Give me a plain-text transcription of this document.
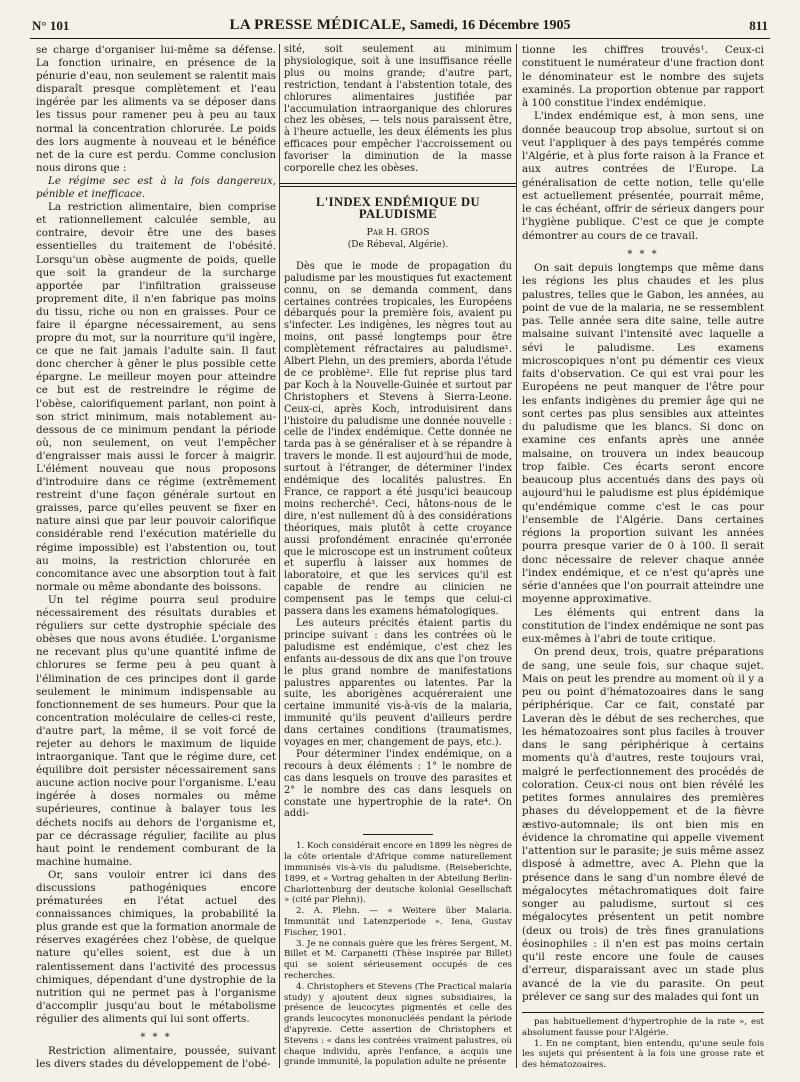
N° 101	LA PRESSE MÉDICALE, Samedi, 16 Décembre 1905	811

se charge d'organiser lui-même sa défense. La fonction urinaire, en présence de la pénurie d'eau, non seulement se ralentit mais disparaît presque complètement et l'eau ingérée par les aliments va se déposer dans les tissus pour ramener peu à peu au taux normal la concentration chlorurée. Le poids des lors augmente à nouveau et le bénéfice net de la cure est perdu. Comme conclusion nous dirons que :

Le régime sec est à la fois dangereux, pénible et inefficace.

La restriction alimentaire, bien comprise et rationnellement calculée semble, au contraire, devoir être une des bases essentielles du traitement de l'obésité. Lorsqu'un obèse augmente de poids, quelle que soit la grandeur de la surcharge apportée par l'infiltration graisseuse proprement dite, il n'en fabrique pas moins du tissu, riche ou non en graisses. Pour ce faire il épargne nécessairement, au sens propre du mot, sur la nourriture qu'il ingère, ce que ne fait jamais l'adulte sain. Il faut donc chercher à gêner le plus possible cette épargne. Le meilleur moyen pour atteindre ce but est de restreindre le régime de l'obèse, calorifiquement parlant, non point à son strict minimum, mais notablement au-dessous de ce minimum pendant la période où, non seulement, on veut l'empêcher d'engraisser mais aussi le forcer à maigrir. L'élément nouveau que nous proposons d'introduire dans ce régime (extrêmement restreint d'une façon générale surtout en graisses, parce qu'elles peuvent se fixer en nature ainsi que par leur pouvoir calorifique considérable rend l'exécution matérielle du régime impossible) est l'abstention ou, tout au moins, la restriction chlorurée en concomitance avec une absorption tout à fait normale ou même abondante des boissons.

Un tel régime pourra seul produire nécessairement des résultats durables et réguliers sur cette dystrophie spéciale des obèses que nous avons étudiée. L'organisme ne recevant plus qu'une quantité infime de chlorures se ferme peu à peu quant à l'élimination de ces principes dont il garde seulement le minimum indispensable au fonctionnement de ses humeurs. Pour que la concentration moléculaire de celles-ci reste, d'autre part, la même, il se voit forcé de rejeter au dehors le maximum de liquide intraorganique. Tant que le régime dure, cet équilibre doit persister nécessairement sans aucune action nocive pour l'organisme. L'eau ingérée à doses normales ou même supérieures, continue à balayer tous les déchets nocifs au dehors de l'organisme et, par ce décrassage régulier, facilite au plus haut point le rendement comburant de la machine humaine.

Or, sans vouloir entrer ici dans des discussions pathogéniques encore prématurées en l'état actuel des connaissances chimiques, la probabilité la plus grande est que la formation anormale de réserves exagérées chez l'obèse, de quelque nature qu'elles soient, est due à un ralentissement dans l'activité des processus chimiques, dépendant d'une dystrophie de la nutrition qui ne permet pas à l'organisme d'accomplir jusqu'au bout le métabolisme régulier des aliments qui lui sont offerts.

* * *

Restriction alimentaire, poussée, suivant les divers stades du développement de l'obé-

sité, soit seulement au minimum physiologique, soit à une insuffisance réelle plus ou moins grande; d'autre part, restriction, tendant à l'abstention totale, des chlorures alimentaires justifiée par l'accumulation intraorganique des chlorures chez les obèses, — tels nous paraissent être, à l'heure actuelle, les deux éléments les plus efficaces pour empêcher l'accroissement ou favoriser la diminution de la masse corporelle chez les obèses.

L'INDEX ENDÉMIQUE DU PALUDISME
Par H. GROS
(De Rébeval, Algérie).

Dès que le mode de propagation du paludisme par les moustiques fut exactement connu, on se demanda comment, dans certaines contrées tropicales, les Européens débarqués pour la première fois, avaient pu s'infecter. Les indigènes, les nègres tout au moins, ont passé longtemps pour être complètement réfractaires au paludisme¹. Albert Plehn, un des premiers, aborda l'étude de ce problème². Elle fut reprise plus tard par Koch à la Nouvelle-Guinée et surtout par Christophers et Stevens à Sierra-Leone. Ceux-ci, après Koch, introduisirent dans l'histoire du paludisme une donnée nouvelle : celle de l'index endémique. Cette donnée ne tarda pas à se généraliser et à se répandre à travers le monde. Il est aujourd'hui de mode, surtout à l'étranger, de déterminer l'index endémique des localités palustres. En France, ce rapport a été jusqu'ici beaucoup moins recherché³. Ceci, hâtons-nous de le dire, n'est nullement dû à des considérations théoriques, mais plutôt à cette croyance aussi profondément enracinée qu'erronée que le microscope est un instrument coûteux et superflu à laisser aux hommes de laboratoire, et que les services qu'il est capable de rendre au clinicien ne compensent pas le temps que celui-ci passera dans les examens hématologiques.

Les auteurs précités étaient partis du principe suivant : dans les contrées où le paludisme est endémique, c'est chez les enfants au-dessous de dix ans que l'on trouve le plus grand nombre de manifestations palustres apparentes ou latentes. Par la suite, les aborigènes acquéreraient une certaine immunité vis-à-vis de la malaria, immunité qu'ils peuvent d'ailleurs perdre dans certaines conditions (traumatismes, voyages en mer, changement de pays, etc.).

Pour déterminer l'index endémique, on a recours à deux éléments : 1° le nombre de cas dans lesquels on trouve des parasites et 2° le nombre des cas dans lesquels on constate une hypertrophie de la rate⁴. On addi-

1. Koch considérait encore en 1899 les nègres de la côte orientale d'Afrique comme naturellement immunisés vis-à-vis du paludisme. (Reiseberichte, 1899, et « Vortrag gehalten in der Abteilung Berlin-Charlottenburg der deutsche kolonial Gesellschaft » (cité par Plehn)).

2. A. Plehn. — « Weitere über Malaria. Immunität und Latenzperiode ». Iena, Gustav Fischer, 1901.

3. Je ne connais guère que les frères Sergent, M. Billet et M. Carpanetti (Thèse inspirée par Billet) qui se soient sérieusement occupés de ces recherches.

4. Christophers et Stevens (The Practical malaria study) y ajoutent deux signes subsidiaires, la présence de leucocytes pigmentés et celle des grands leucocytes mononucléés pendant la période d'apyrexie. Cette assertion de Christophers et Stevens : « dans les contrées vraiment palustres, où chaque individu, après l'enfance, a acquis une grande immunité, la population adulte ne présente

tionne les chiffres trouvés¹. Ceux-ci constituent le numérateur d'une fraction dont le dénominateur est le nombre des sujets examinés. La proportion obtenue par rapport à 100 constitue l'index endémique.

L'index endémique est, à mon sens, une donnée beaucoup trop absolue, surtout si on veut l'appliquer à des pays tempérés comme l'Algérie, et à plus forte raison à la France et aux autres contrées de l'Europe. La généralisation de cette notion, telle qu'elle est actuellement présentée, pourrait même, le cas échéant, offrir de sérieux dangers pour l'hygiène publique. C'est ce que je compte démontrer au cours de ce travail.

* * *

On sait depuis longtemps que même dans les régions les plus chaudes et les plus palustres, telles que le Gabon, les années, au point de vue de la malaria, ne se ressemblent pas. Telle année sera dite saine, telle autre malsaine suivant l'intensité avec laquelle a sévi le paludisme. Les examens microscopiques n'ont pu démentir ces vieux faits d'observation. Ce qui est vrai pour les Européens ne peut manquer de l'être pour les enfants indigènes du premier âge qui ne sont certes pas plus sensibles aux atteintes du paludisme que les blancs. Si donc on examine ces enfants après une année malsaine, on trouvera un index beaucoup trop faible. Ces écarts seront encore beaucoup plus accentués dans des pays où aujourd'hui le paludisme est plus épidémique qu'endémique comme c'est le cas pour l'ensemble de l'Algérie. Dans certaines régions la proportion suivant les années pourra presque varier de 0 à 100. Il serait donc nécessaire de relever chaque année l'index endémique, et ce n'est qu'après une série d'années que l'on pourrait atteindre une moyenne approximative.

Les éléments qui entrent dans la constitution de l'index endémique ne sont pas eux-mêmes à l'abri de toute critique.

On prend deux, trois, quatre préparations de sang, une seule fois, sur chaque sujet. Mais on peut les prendre au moment où il y a peu ou point d'hématozoaires dans le sang périphérique. Car ce fait, constaté par Laveran dès le début de ses recherches, que les hématozoaires sont plus faciles à trouver dans le sang périphérique à certains moments qu'à d'autres, reste toujours vrai, malgré le perfectionnement des procédés de coloration. Ceux-ci nous ont bien révélé les petites formes annulaires des premières phases du développement et de la fièvre æstivo-automnale; ils ont bien mis en évidence la chromatine qui appelle vivement l'attention sur le parasite; je suis même assez disposé à admettre, avec A. Plehn que la présence dans le sang d'un nombre élevé de mégalocytes métachromatiques doit faire songer au paludisme, surtout si ces mégalocytes présentent un petit nombre (deux ou trois) de très fines granulations éosinophiles : il n'en est pas moins certain qu'il reste encore une foule de causes d'erreur, disparaissant avec un stade plus avancé de la vie du parasite. On peut prélever ce sang sur des malades qui font un

pas habituellement d'hypertrophie de la rate », est absolument fausse pour l'Algérie.

1. En ne comptant, bien entendu, qu'une seule fois les sujets qui présentent à la fois une grosse rate et des hématozoaires.
